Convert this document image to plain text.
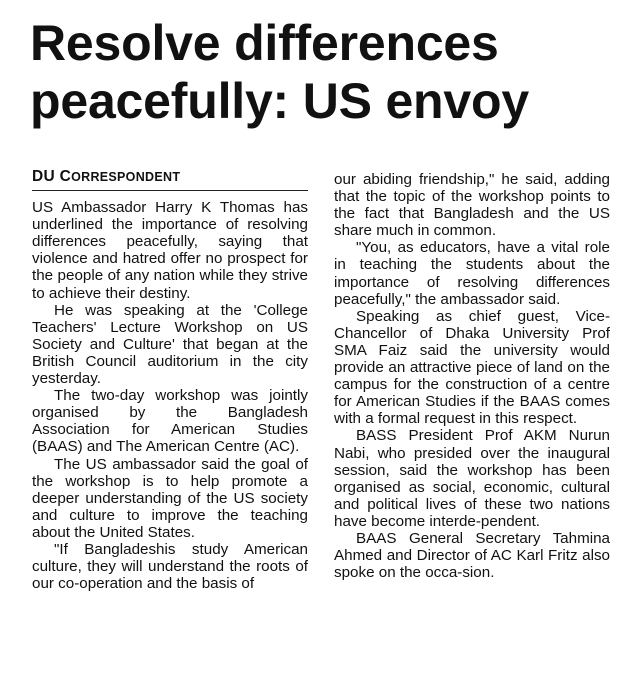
Resolve differences
peacefully: US envoy
DU CORRESPONDENT

US Ambassador Harry K Thomas has underlined the importance of resolving differences peacefully, saying that violence and hatred offer no prospect for the people of any nation while they strive to achieve their destiny.

He was speaking at the 'College Teachers' Lecture Workshop on US Society and Culture' that began at the British Council auditorium in the city yesterday.

The two-day workshop was jointly organised by the Bangladesh Association for American Studies (BAAS) and The American Centre (AC).

The US ambassador said the goal of the workshop is to help promote a deeper understanding of the US society and culture to improve the teaching about the United States.

"If Bangladeshis study American culture, they will understand the roots of our co-operation and the basis of

our abiding friendship," he said, adding that the topic of the workshop points to the fact that Bangladesh and the US share much in common.

"You, as educators, have a vital role in teaching the students about the importance of resolving differences peacefully," the ambassador said.

Speaking as chief guest, Vice-Chancellor of Dhaka University Prof SMA Faiz said the university would provide an attractive piece of land on the campus for the construction of a centre for American Studies if the BAAS comes with a formal request in this respect.

BASS President Prof AKM Nurun Nabi, who presided over the inaugural session, said the workshop has been organised as social, economic, cultural and political lives of these two nations have become interde-pendent.

BAAS General Secretary Tahmina Ahmed and Director of AC Karl Fritz also spoke on the occa-sion.
